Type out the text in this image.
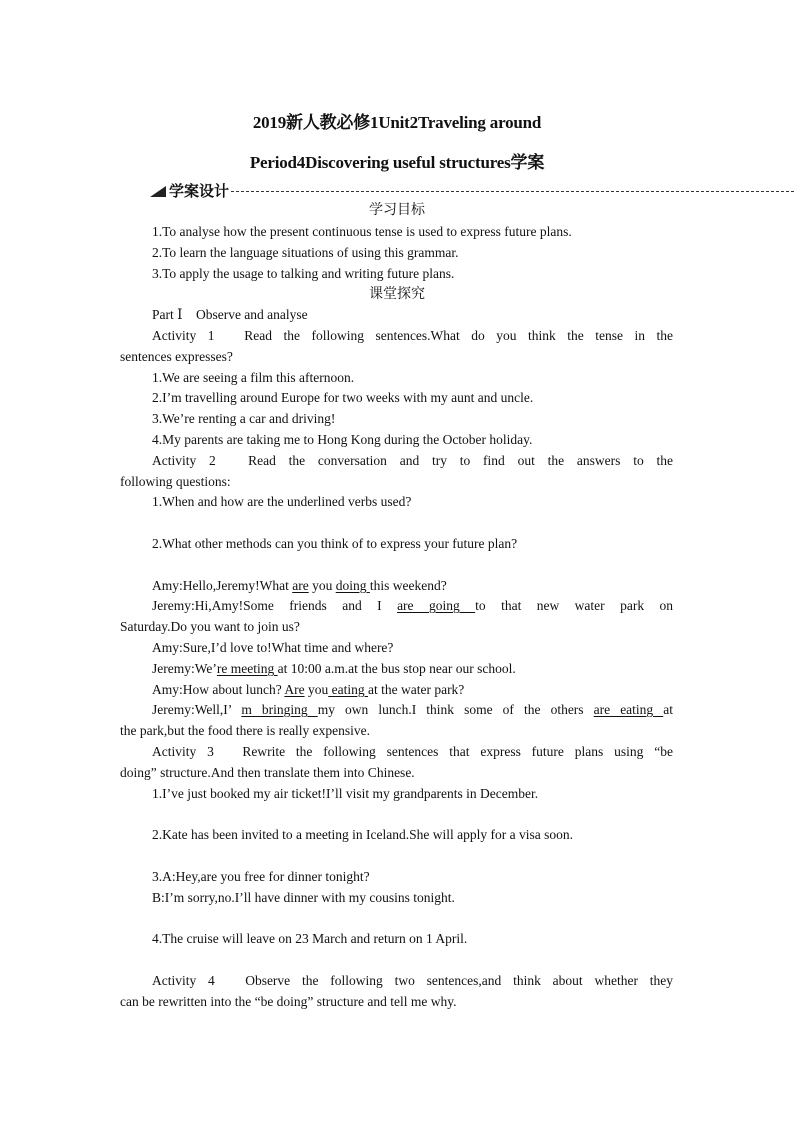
2019新人教必修1Unit2Traveling around
Period4Discovering useful structures学案
学案设计
学习目标
1.To analyse how the present continuous tense is used to express future plans.
2.To learn the language situations of using this grammar.
3.To apply the usage to talking and writing future plans.
课堂探究
Part Ⅰ　Observe and analyse
Activity 1　Read the following sentences.What do you think the tense in the
sentences expresses?
1.We are seeing a film this afternoon.
2.I’m travelling around Europe for two weeks with my aunt and uncle.
3.We’re renting a car and driving!
4.My parents are taking me to Hong Kong during the October holiday.
Activity 2　Read the conversation and try to find out the answers to the
following questions:
1.When and how are the underlined verbs used?
2.What other methods can you think of to express your future plan?
Amy:Hello,Jeremy!What are you doing this weekend?
Jeremy:Hi,Amy!Some friends and I are going to that new water park on
Saturday.Do you want to join us?
Amy:Sure,I’d love to!What time and where?
Jeremy:We’re meeting at 10:00 a.m.at the bus stop near our school.
Amy:How about lunch? Are you eating at the water park?
Jeremy:Well,I’ m bringing my own lunch.I think some of the others are eating at
the park,but the food there is really expensive.
Activity 3　Rewrite the following sentences that express future plans using “be
doing” structure.And then translate them into Chinese.
1.I’ve just booked my air ticket!I’ll visit my grandparents in December.
2.Kate has been invited to a meeting in Iceland.She will apply for a visa soon.
3.A:Hey,are you free for dinner tonight?
B:I’m sorry,no.I’ll have dinner with my cousins tonight.
4.The cruise will leave on 23 March and return on 1 April.
Activity 4　Observe the following two sentences,and think about whether they
can be rewritten into the “be doing” structure and tell me why.
